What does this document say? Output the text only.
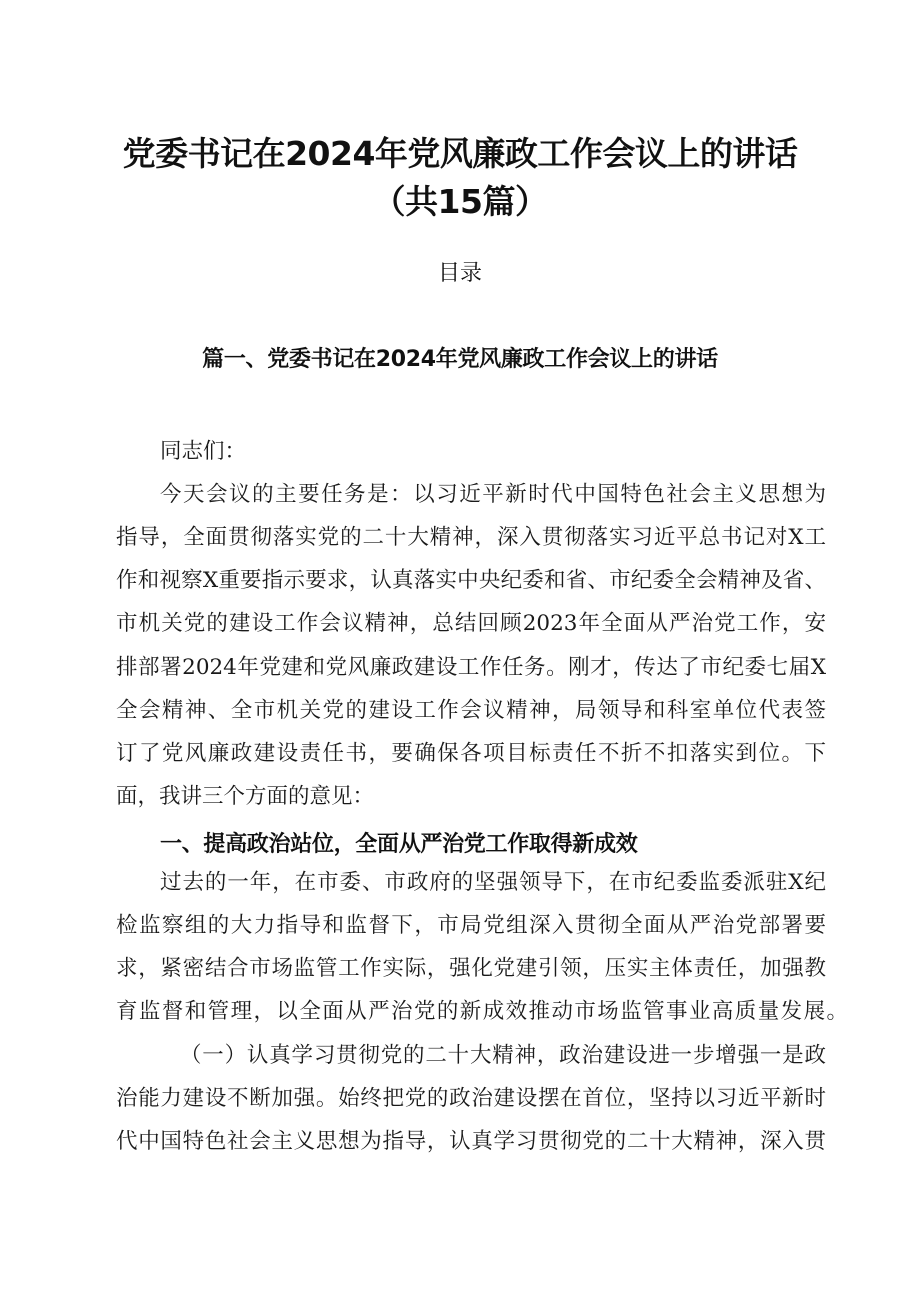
党委书记在2024年党风廉政工作会议上的讲话
（共15篇）
目录
篇一、党委书记在2024年党风廉政工作会议上的讲话
同志们：
今天会议的主要任务是：以习近平新时代中国特色社会主义思想为
指导，全面贯彻落实党的二十大精神，深入贯彻落实习近平总书记对X工
作和视察X重要指示要求，认真落实中央纪委和省、市纪委全会精神及省、
市机关党的建设工作会议精神，总结回顾2023年全面从严治党工作，安
排部署2024年党建和党风廉政建设工作任务。刚才，传达了市纪委七届X
全会精神、全市机关党的建设工作会议精神，局领导和科室单位代表签
订了党风廉政建设责任书，要确保各项目标责任不折不扣落实到位。下
面，我讲三个方面的意见：
一、提高政治站位，全面从严治党工作取得新成效
过去的一年，在市委、市政府的坚强领导下，在市纪委监委派驻X纪
检监察组的大力指导和监督下，市局党组深入贯彻全面从严治党部署要
求，紧密结合市场监管工作实际，强化党建引领，压实主体责任，加强教
育监督和管理，以全面从严治党的新成效推动市场监管事业高质量发展。
（一）认真学习贯彻党的二十大精神，政治建设进一步增强一是政
治能力建设不断加强。始终把党的政治建设摆在首位，坚持以习近平新时
代中国特色社会主义思想为指导，认真学习贯彻党的二十大精神，深入贯
